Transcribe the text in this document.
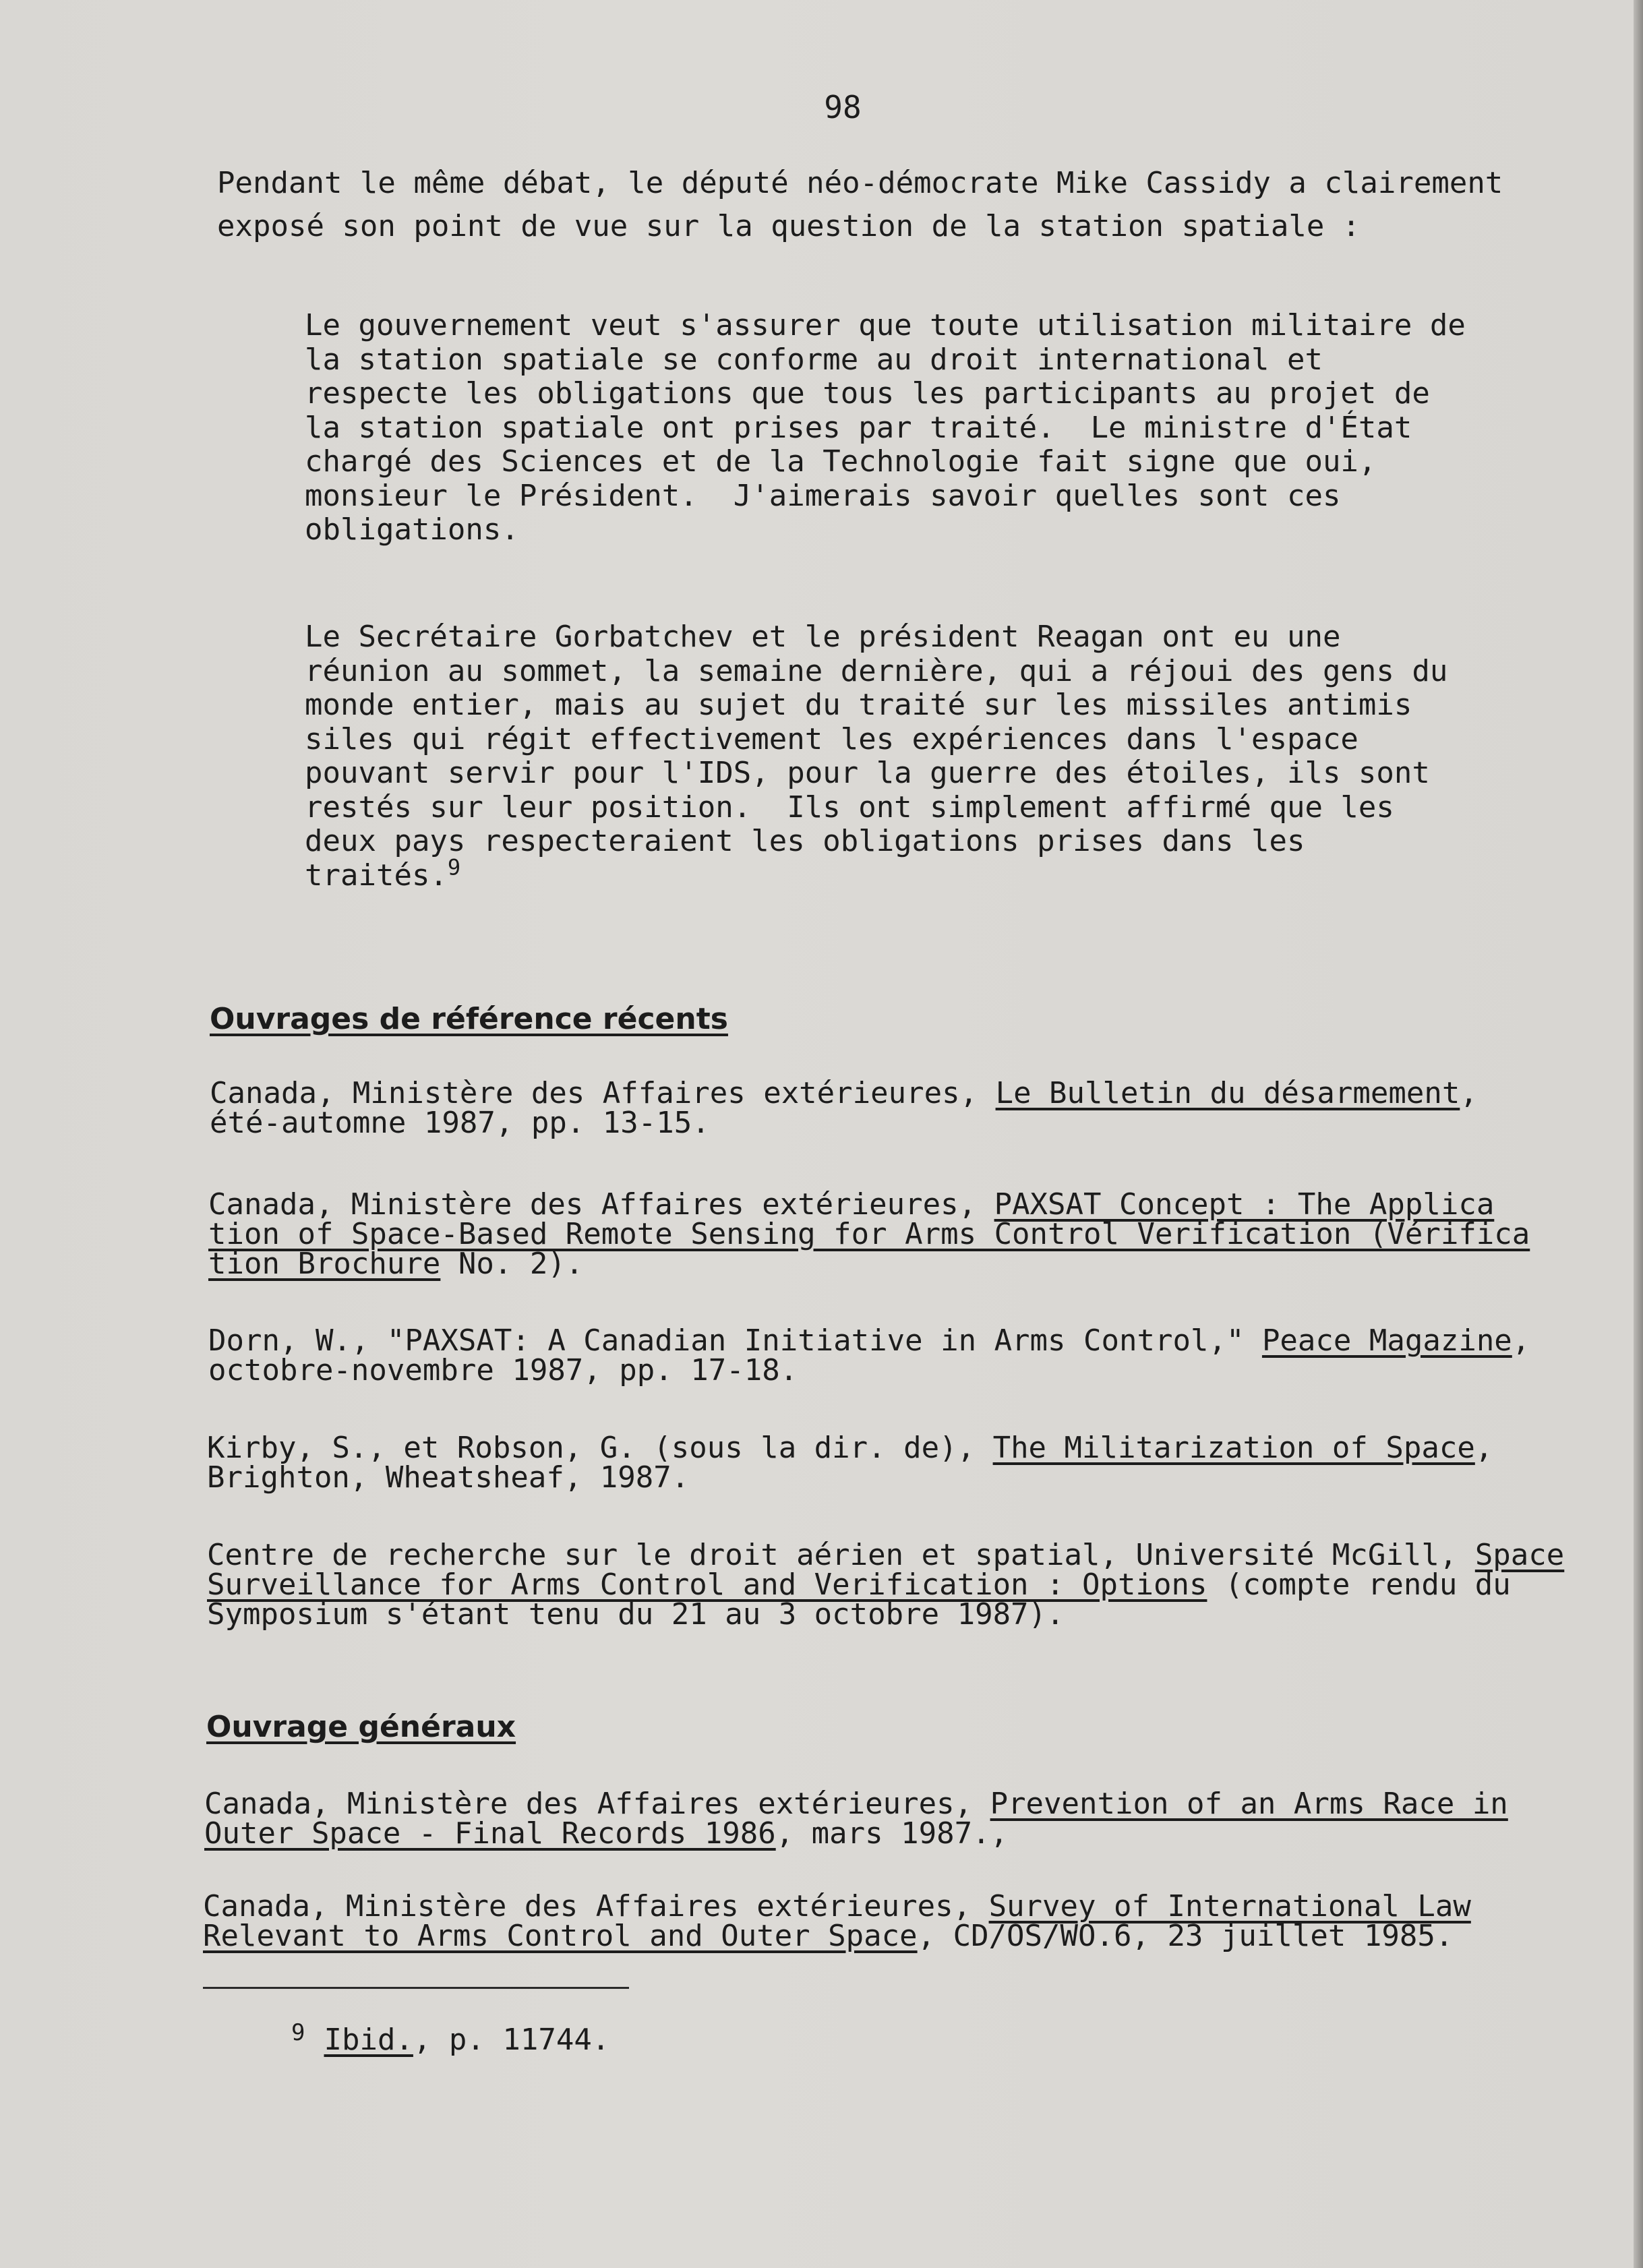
98
Pendant le même débat, le député néo-démocrate Mike Cassidy a clairement
exposé son point de vue sur la question de la station spatiale :
Le gouvernement veut s'assurer que toute utilisation militaire de
la station spatiale se conforme au droit international et
respecte les obligations que tous les participants au projet de
la station spatiale ont prises par traité.  Le ministre d'État
chargé des Sciences et de la Technologie fait signe que oui,
monsieur le Président.  J'aimerais savoir quelles sont ces
obligations.
Le Secrétaire Gorbatchev et le président Reagan ont eu une
réunion au sommet, la semaine dernière, qui a réjoui des gens du
monde entier, mais au sujet du traité sur les missiles antimis
siles qui régit effectivement les expériences dans l'espace
pouvant servir pour l'IDS, pour la guerre des étoiles, ils sont
restés sur leur position.  Ils ont simplement affirmé que les
deux pays respecteraient les obligations prises dans les
traités.$^9$
Ouvrages de référence récents
Canada, Ministère des Affaires extérieures, Le Bulletin du désarmement,
été-automne 1987, pp. 13-15.
Canada, Ministère des Affaires extérieures, PAXSAT Concept : The Applica
tion of Space-Based Remote Sensing for Arms Control Verification (Vérifica
tion Brochure No. 2).
Dorn, W., "PAXSAT: A Canadian Initiative in Arms Control," Peace Magazine,
octobre-novembre 1987, pp. 17-18.
Kirby, S., et Robson, G. (sous la dir. de), The Militarization of Space,
Brighton, Wheatsheaf, 1987.
Centre de recherche sur le droit aérien et spatial, Université McGill, Space
Surveillance for Arms Control and Verification : Options (compte rendu du
Symposium s'étant tenu du 21 au 3 octobre 1987).
Ouvrage généraux
Canada, Ministère des Affaires extérieures, Prevention of an Arms Race in
Outer Space - Final Records 1986, mars 1987.,
Canada, Ministère des Affaires extérieures, Survey of International Law
Relevant to Arms Control and Outer Space, CD/OS/WO.6, 23 juillet 1985.
$^9$ Ibid., p. 11744.
